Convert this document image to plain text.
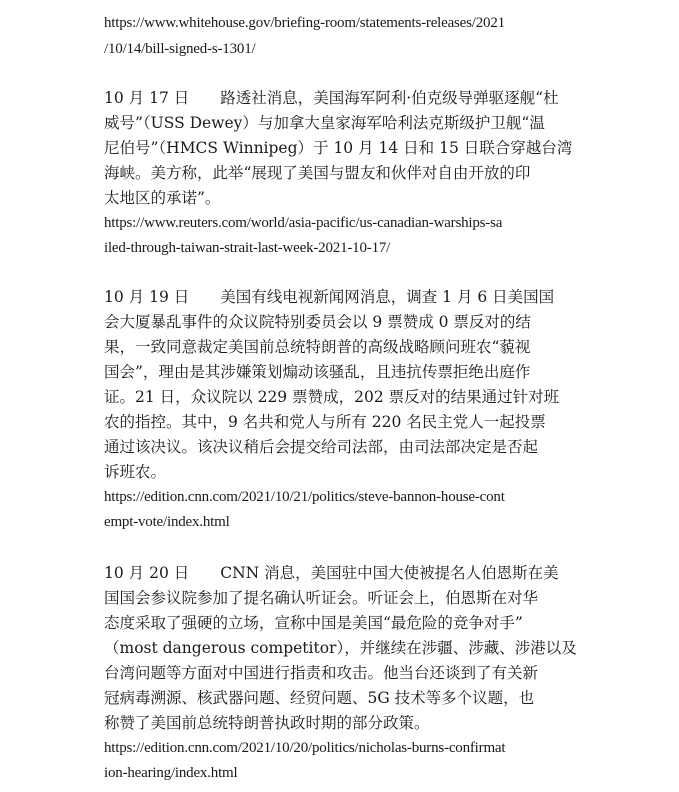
https://www.whitehouse.gov/briefing-room/statements-releases/2021
/10/14/bill-signed-s-1301/
10 月 17 日　　路透社消息，美国海军阿利·伯克级导弹驱逐舰“杜
威号”（USS Dewey）与加拿大皇家海军哈利法克斯级护卫舰“温
尼伯号”（HMCS Winnipeg）于 10 月 14 日和 15 日联合穿越台湾
海峡。美方称，此举“展现了美国与盟友和伙伴对自由开放的印
太地区的承诺”。
https://www.reuters.com/world/asia-pacific/us-canadian-warships-sa
iled-through-taiwan-strait-last-week-2021-10-17/
10 月 19 日　　美国有线电视新闻网消息，调查 1 月 6 日美国国
会大厦暴乱事件的众议院特别委员会以 9 票赞成 0 票反对的结
果，一致同意裁定美国前总统特朗普的高级战略顾问班农“藐视
国会”，理由是其涉嫌策划煽动该骚乱，且违抗传票拒绝出庭作
证。21 日，众议院以 229 票赞成，202 票反对的结果通过针对班
农的指控。其中，9 名共和党人与所有 220 名民主党人一起投票
通过该决议。该决议稍后会提交给司法部，由司法部决定是否起
诉班农。
https://edition.cnn.com/2021/10/21/politics/steve-bannon-house-cont
empt-vote/index.html
10 月 20 日　　CNN 消息，美国驻中国大使被提名人伯恩斯在美
国国会参议院参加了提名确认听证会。听证会上，伯恩斯在对华
态度采取了强硬的立场，宣称中国是美国“最危险的竞争对手”
（most dangerous competitor），并继续在涉疆、涉藏、涉港以及
台湾问题等方面对中国进行指责和攻击。他当台还谈到了有关新
冠病毒溯源、核武器问题、经贸问题、5G 技术等多个议题，也
称赞了美国前总统特朗普执政时期的部分政策。
https://edition.cnn.com/2021/10/20/politics/nicholas-burns-confirmat
ion-hearing/index.html
